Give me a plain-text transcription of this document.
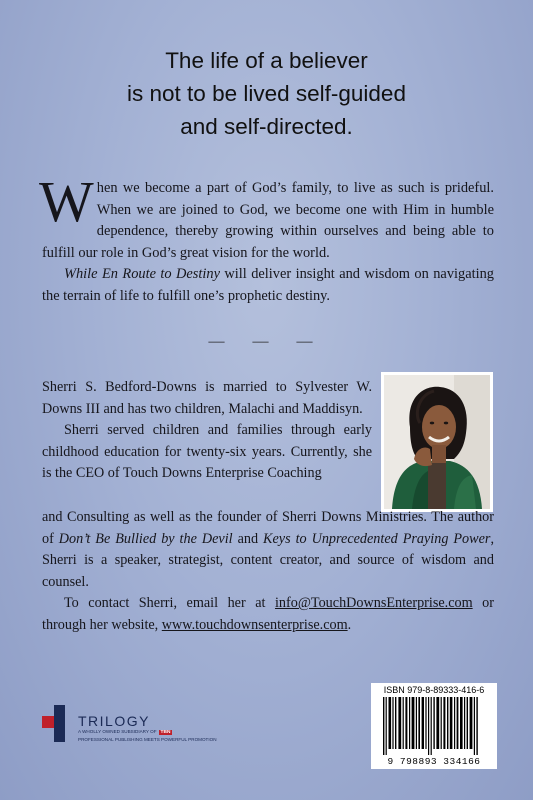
The life of a believer
is not to be lived self-guided
and self-directed.

When we become a part of God’s family, to live as such is prideful. When we are joined to God, we become one with Him in humble dependence, thereby growing within ourselves and being able to fulfill our role in God’s great vision for the world.

While En Route to Destiny will deliver insight and wisdom on navigating the terrain of life to fulfill one’s prophetic destiny.

— — —

Sherri S. Bedford-Downs is married to Sylvester W. Downs III and has two children, Malachi and Maddisyn.

Sherri served children and families through early childhood education for twenty-six years. Currently, she is the CEO of Touch Downs Enterprise Coaching

and Consulting as well as the founder of Sherri Downs Ministries. The author of Don’t Be Bullied by the Devil and Keys to Unprecedented Praying Power, Sherri is a speaker, strategist, content creator, and source of wisdom and counsel.

To contact Sherri, email her at info@TouchDownsEnterprise.com or through her website, www.touchdownsenterprise.com.

TRILOGY
A WHOLLY OWNED SUBSIDIARY OF TBN
PROFESSIONAL PUBLISHING MEETS POWERFUL PROMOTION
ISBN 979-8-89333-416-6
9 798893 334166
